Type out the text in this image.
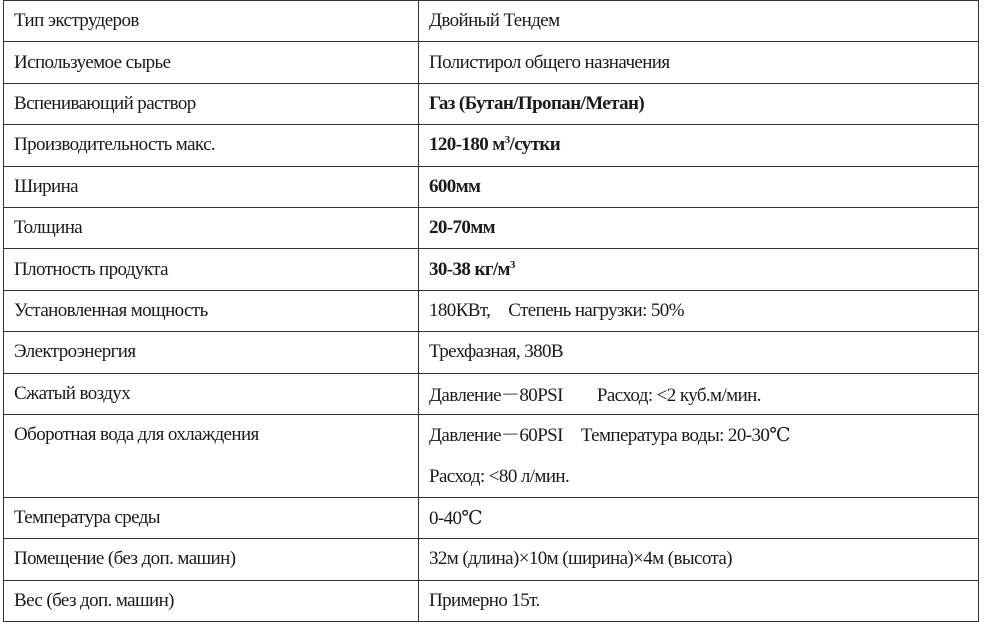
Тип экструдеров	Двойный Тендем
Используемое сырье	Полистирол общего назначения
Вспенивающий раствор	Газ (Бутан/Пропан/Метан)
Производительность макс.	120-180 $м^3$/сутки
Ширина	600мм
Толщина	20-70мм
Плотность продукта	30-38 $кг/м^3$
Установленная мощность	180КВт, Степень нагрузки: 50%
Электроэнергия	Трехфазная, 380В
Сжатый воздух	Давление－80PSI Расход: <2 куб.м/мин.
Оборотная вода для охлаждения	Давление－60PSI Температура воды: 20-30℃
Расход: <80 л/мин.

Температура среды	0-40℃
Помещение (без доп. машин)	32м (длина)×10м (ширина)×4м (высота)
Вес (без доп. машин)	Примерно 15т.
